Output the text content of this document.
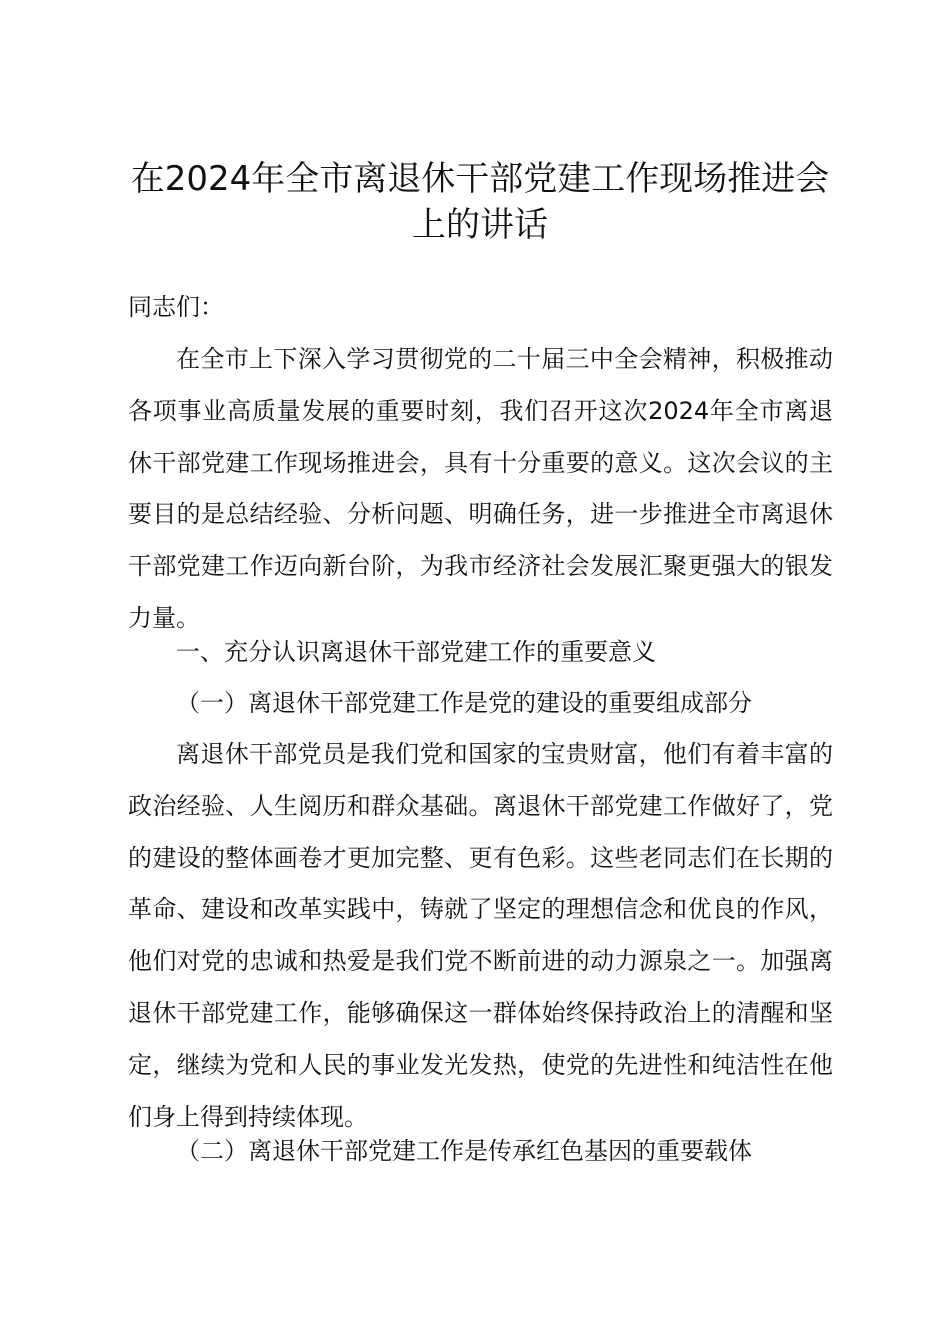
在2024年全市离退休干部党建工作现场推进会上的讲话

同志们：

在全市上下深入学习贯彻党的二十届三中全会精神，积极推动各项事业高质量发展的重要时刻，我们召开这次2024年全市离退休干部党建工作现场推进会，具有十分重要的意义。这次会议的主要目的是总结经验、分析问题、明确任务，进一步推进全市离退休干部党建工作迈向新台阶，为我市经济社会发展汇聚更强大的银发力量。

一、充分认识离退休干部党建工作的重要意义

（一）离退休干部党建工作是党的建设的重要组成部分

离退休干部党员是我们党和国家的宝贵财富，他们有着丰富的政治经验、人生阅历和群众基础。离退休干部党建工作做好了，党的建设的整体画卷才更加完整、更有色彩。这些老同志们在长期的革命、建设和改革实践中，铸就了坚定的理想信念和优良的作风，他们对党的忠诚和热爱是我们党不断前进的动力源泉之一。加强离退休干部党建工作，能够确保这一群体始终保持政治上的清醒和坚定，继续为党和人民的事业发光发热，使党的先进性和纯洁性在他们身上得到持续体现。

（二）离退休干部党建工作是传承红色基因的重要载体
